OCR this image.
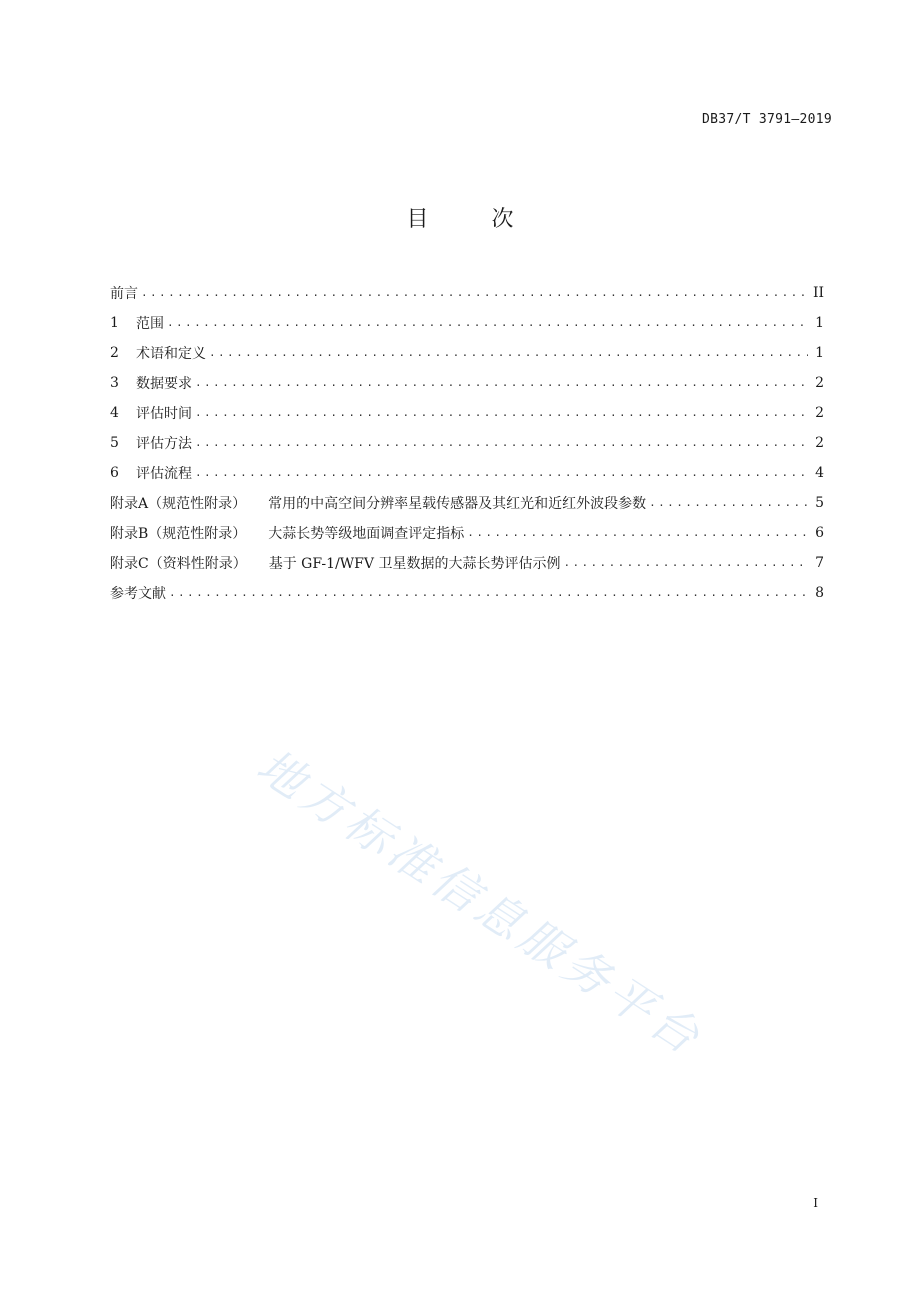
DB37/T 3791—2019
目 次
前言 .....	II
1	范围 .....	1
2	术语和定义 .....	1
3	数据要求 .....	2
4	评估时间 .....	2
5	评估方法 .....	2
6	评估流程 .....	4
附录A（规范性附录） 常用的中高空间分辨率星载传感器及其红光和近红外波段参数 .....	5
附录B（规范性附录） 大蒜长势等级地面调查评定指标 .....	6
附录C（资料性附录） 基于 GF-1/WFV 卫星数据的大蒜长势评估示例 .....	7
参考文献 .....	8
地方标准信息服务平台
I
